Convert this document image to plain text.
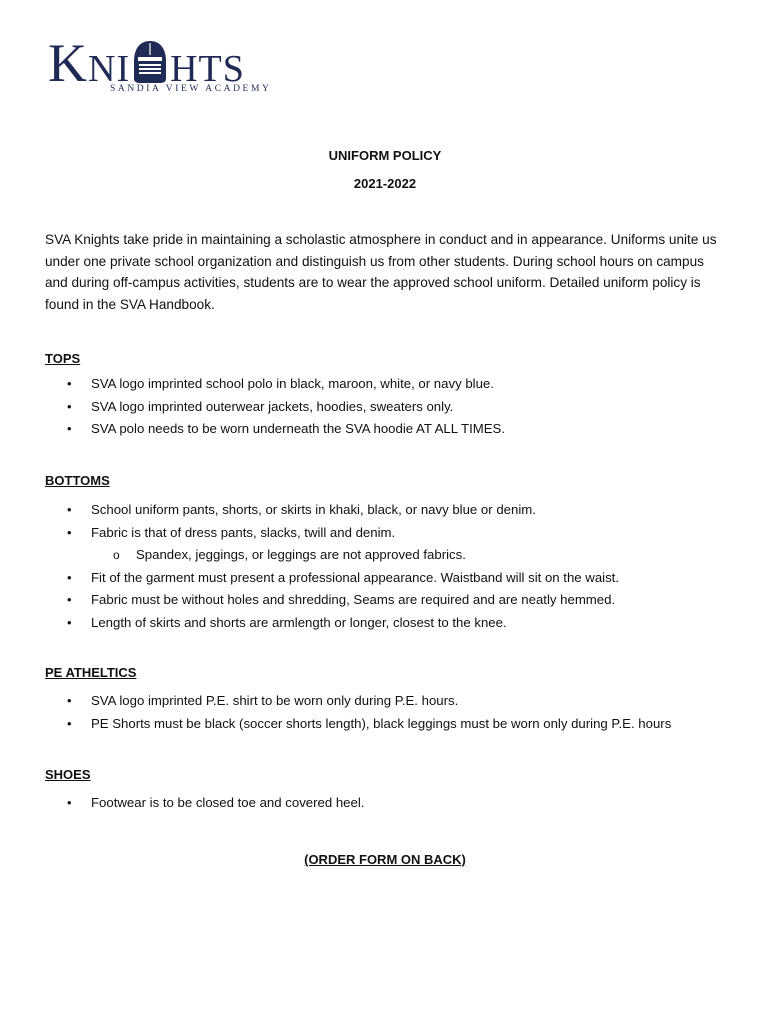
KNI HTS
SANDIA VIEW ACADEMY
UNIFORM POLICY
2021-2022

SVA Knights take pride in maintaining a scholastic atmosphere in conduct and in appearance. Uniforms unite us under one private school organization and distinguish us from other students. During school hours on campus and during off-campus activities, students are to wear the approved school uniform. Detailed uniform policy is found in the SVA Handbook.

TOPS
• SVA logo imprinted school polo in black, maroon, white, or navy blue.
• SVA logo imprinted outerwear jackets, hoodies, sweaters only.
• SVA polo needs to be worn underneath the SVA hoodie AT ALL TIMES.
BOTTOMS
• School uniform pants, shorts, or skirts in khaki, black, or navy blue or denim.
• Fabric is that of dress pants, slacks, twill and denim.
o Spandex, jeggings, or leggings are not approved fabrics.
• Fit of the garment must present a professional appearance. Waistband will sit on the waist.
• Fabric must be without holes and shredding, Seams are required and are neatly hemmed.
• Length of skirts and shorts are armlength or longer, closest to the knee.
PE ATHELTICS
• SVA logo imprinted P.E. shirt to be worn only during P.E. hours.
• PE Shorts must be black (soccer shorts length), black leggings must be worn only during P.E. hours
SHOES
• Footwear is to be closed toe and covered heel.
(ORDER FORM ON BACK)
